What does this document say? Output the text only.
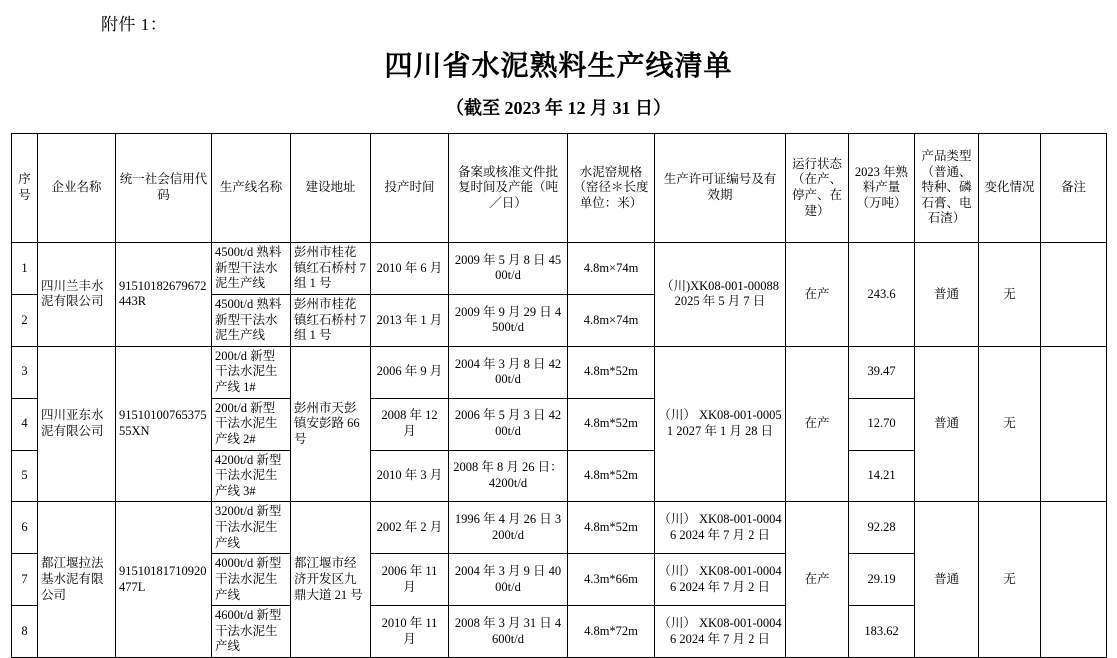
附件 1：
四川省水泥熟料生产线清单
（截至 2023 年 12 月 31 日）
序号	企业名称	统一社会信用代码	生产线名称	建设地址	投产时间	备案或核准文件批复时间及产能（吨／日）	水泥窑规格（窑径＊长度单位：米）	生产许可证编号及有效期	运行状态（在产、停产、在建）	2023 年熟料产量（万吨）	产品类型（普通、特种、磷石膏、电石渣）	变化情况	备注
1	四川兰丰水泥有限公司	91510182679672443R	4500t/d 熟料新型干法水泥生产线	彭州市桂花镇红石桥村 7 组 1 号	2010 年 6 月	2009 年 5 月 8 日 4500t/d	4.8m×74m	（川)XK08-001-00088 2025 年 5 月 7 日	在产	243.6	普通	无	
2			4500t/d 熟料新型干法水泥生产线	彭州市桂花镇红石桥村 7 组 1 号	2013 年 1 月	2009 年 9 月 29 日 4500t/d	4.8m×74m						
3	四川亚东水泥有限公司	9151010076537555XN	200t/d 新型干法水泥生产线 1#	彭州市天彭镇安彭路 66 号	2006 年 9 月	2004 年 3 月 8 日 4200t/d	4.8m*52m	（川） XK08-001-00051 2027 年 1 月 28 日	在产	39.47	普通	无	
4			200t/d 新型干法水泥生产线 2#		2008 年 12 月	2006 年 5 月 3 日 4200t/d	4.8m*52m			12.70			
5			4200t/d 新型干法水泥生产线 3#		2010 年 3 月	2008 年 8 月 26 日： 4200t/d	4.8m*52m			14.21			
6	都江堰拉法基水泥有限公司	91510181710920477L	3200t/d 新型干法水泥生产线	都江堰市经济开发区九鼎大道 21 号	2002 年 2 月	1996 年 4 月 26 日 3200t/d	4.8m*52m	（川） XK08-001-00046 2024 年 7 月 2 日	在产	92.28	普通	无	
7			4000t/d 新型干法水泥生产线		2006 年 11 月	2004 年 3 月 9 日 4000t/d	4.3m*66m	（川） XK08-001-00046 2024 年 7 月 2 日		29.19			
8			4600t/d 新型干法水泥生产线		2010 年 11 月	2008 年 3 月 31 日 4600t/d	4.8m*72m	（川） XK08-001-00046 2024 年 7 月 2 日		183.62			
